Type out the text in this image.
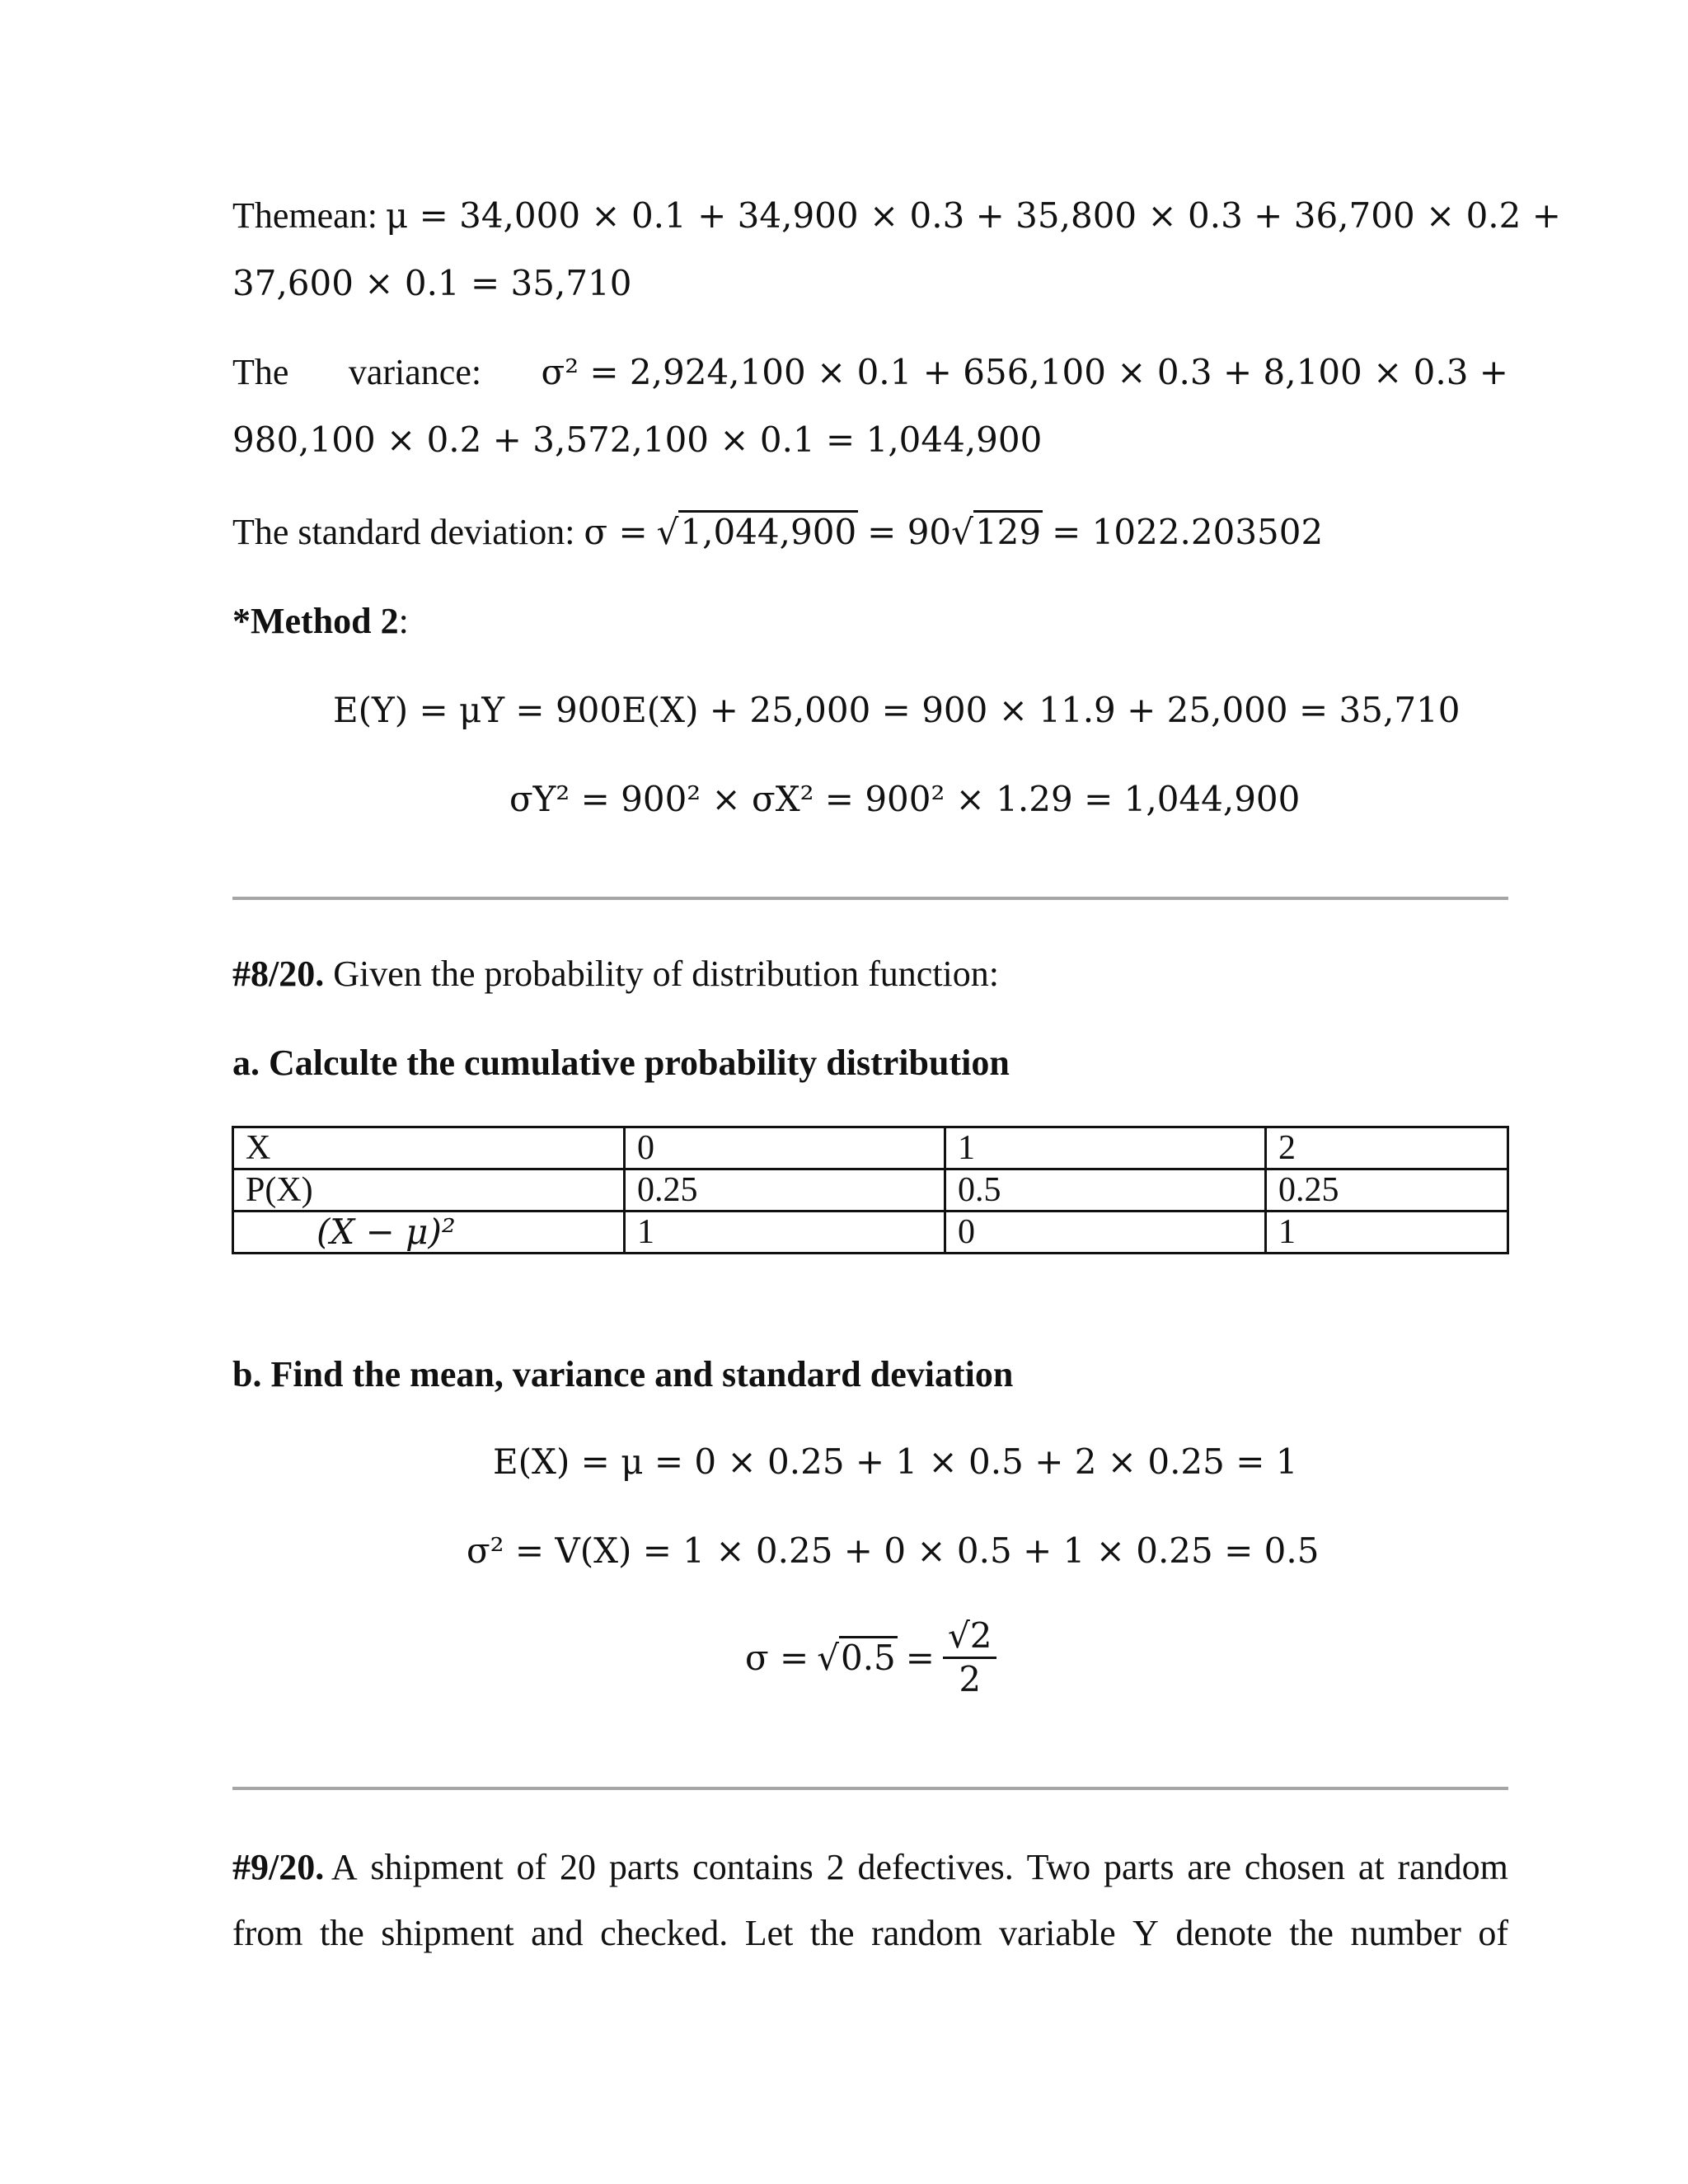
The mean: μ = 34,000 × 0.1 + 34,900 × 0.3 + 35,800 × 0.3 + 36,700 × 0.2 +
37,600 × 0.1 = 35,710
The variance: σ² = 2,924,100 × 0.1 + 656,100 × 0.3 + 8,100 × 0.3 +
980,100 × 0.2 + 3,572,100 × 0.1 = 1,044,900
The standard deviation: σ = √1,044,900 = 90√129 = 1022.203502
*Method 2:
E(Y) = μY = 900E(X) + 25,000 = 900 × 11.9 + 25,000 = 35,710
σY² = 900² × σX² = 900² × 1.29 = 1,044,900
#8/20. Given the probability of distribution function:
a. Calculte the cumulative probability distribution
X	0	1	2
P(X)	0.25	0.5	0.25
(X − μ)²	1	0	1
b. Find the mean, variance and standard deviation
E(X) = μ = 0 × 0.25 + 1 × 0.5 + 2 × 0.25 = 1
σ² = V(X) = 1 × 0.25 + 0 × 0.5 + 1 × 0.25 = 0.5
$\sigma = √0.5 = \frac{√2}{2}$
#9/20. A shipment of 20 parts contains 2 defectives. Two parts are chosen at random
from the shipment and checked. Let the random variable Y denote the number of
